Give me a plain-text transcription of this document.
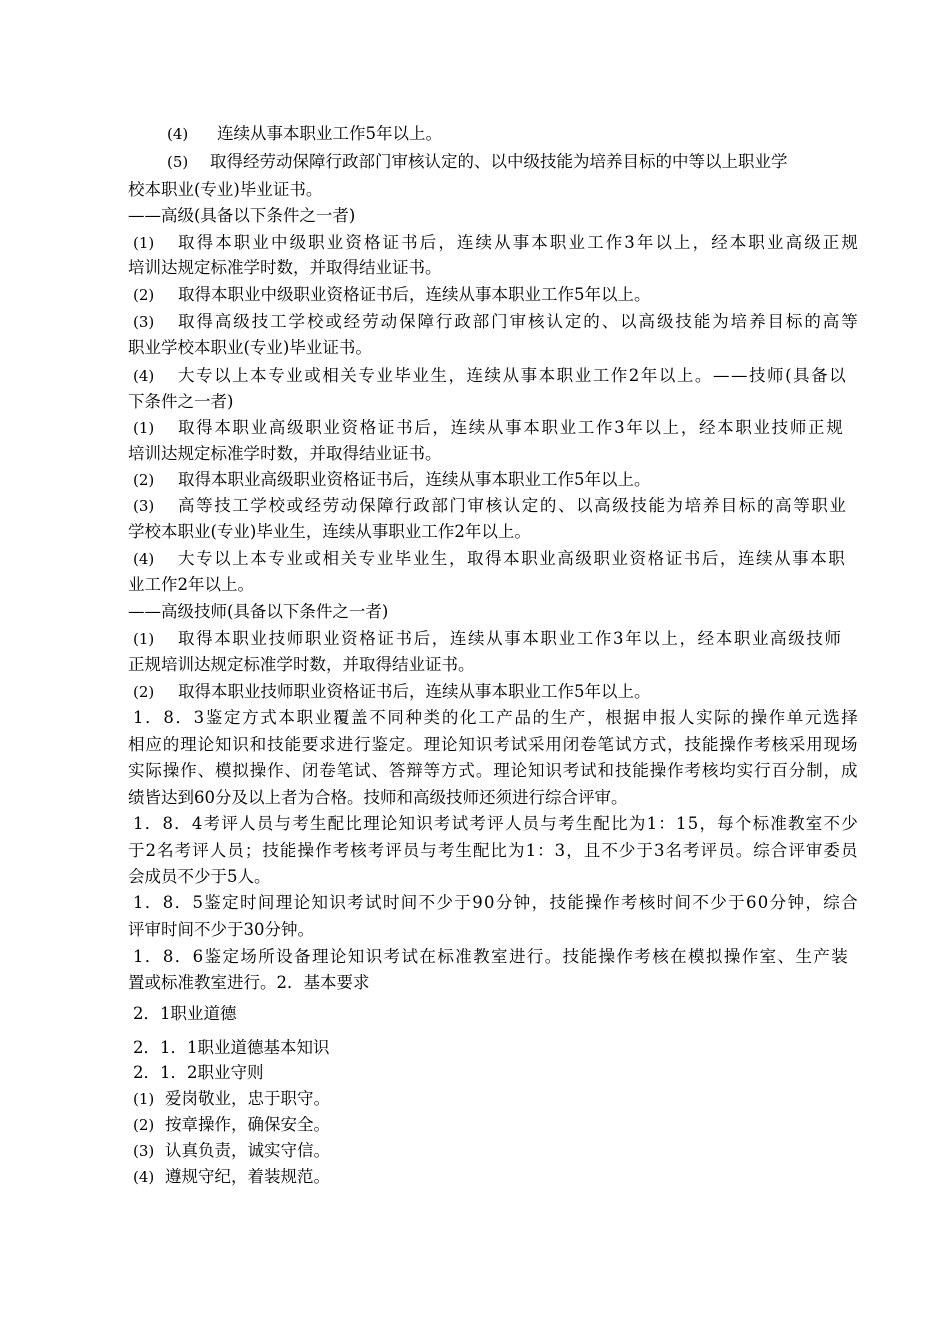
(4) 连续从事本职业工作5年以上。
(5) 取得经劳动保障行政部门审核认定的、以中级技能为培养目标的中等以上职业学
校本职业(专业)毕业证书。
——高级(具备以下条件之一者)
(1)	取 得 本 职 业 中 级 职 业 资 格 证 书 后 ， 连 续 从 事 本 职 业 工 作 3 年 以 上 ， 经 本 职 业 高 级 正 规
培训达规定标准学时数，并取得结业证书。
(2) 取得本职业中级职业资格证书后，连续从事本职业工作5年以上。
(3)	取 得 高 级 技 工 学 校 或 经 劳 动 保 障 行 政 部 门 审 核 认 定 的 、 以 高 级 技 能 为 培 养 目 标 的 高 等
职业学校本职业(专业)毕业证书。
(4)	大 专 以 上 本 专 业 或 相 关 专 业 毕 业 生 ， 连 续 从 事 本 职 业 工 作 2 年 以 上 。 — — 技 师 ( 具 备 以
下条件之一者)
(1)	取 得 本 职 业 高 级 职 业 资 格 证 书 后 ， 连 续 从 事 本 职 业 工 作 3 年 以 上 ， 经 本 职 业 技 师 正 规
培训达规定标准学时数，并取得结业证书。
(2) 取得本职业高级职业资格证书后，连续从事本职业工作5年以上。
(3)	高 等 技 工 学 校 或 经 劳 动 保 障 行 政 部 门 审 核 认 定 的 、 以 高 级 技 能 为 培 养 目 标 的 高 等 职 业
学校本职业(专业)毕业生，连续从事职业工作2年以上。
(4)	大 专 以 上 本 专 业 或 相 关 专 业 毕 业 生 ， 取 得 本 职 业 高 级 职 业 资 格 证 书 后 ， 连 续 从 事 本 职
业工作2年以上。
——高级技师(具备以下条件之一者)
(1)	取 得 本 职 业 技 师 职 业 资 格 证 书 后 ， 连 续 从 事 本 职 业 工 作 3 年 以 上 ， 经 本 职 业 高 级 技 师
正规培训达规定标准学时数，并取得结业证书。
(2) 取得本职业技师职业资格证书后，连续从事本职业工作5年以上。
1 ． 8 ． 3 鉴 定 方 式 本 职 业 覆 盖 不 同 种 类 的 化 工 产 品 的 生 产 ， 根 据 申 报 人 实 际 的 操 作 单 元 选 择
相 应 的 理 论 知 识 和 技 能 要 求 进 行 鉴 定 。 理 论 知 识 考 试 采 用 闭 卷 笔 试 方 式 ， 技 能 操 作 考 核 采 用 现 场
实 际 操 作 、 模 拟 操 作 、 闭 卷 笔 试 、 答 辩 等 方 式 。 理 论 知 识 考 试 和 技 能 操 作 考 核 均 实 行 百 分 制 ， 成
绩皆达到60分及以上者为合格。技师和高级技师还须进行综合评审。
1 ． 8 ． 4 考 评 人 员 与 考 生 配 比 理 论 知 识 考 试 考 评 人 员 与 考 生 配 比 为 1 ： 1 5 ， 每 个 标 准 教 室 不 少
于 2 名 考 评 人 员 ； 技 能 操 作 考 核 考 评 员 与 考 生 配 比 为 1 ： 3 ， 且 不 少 于 3 名 考 评 员 。 综 合 评 审 委 员
会成员不少于5人。
1 ． 8 ． 5 鉴 定 时 间 理 论 知 识 考 试 时 间 不 少 于 9 0 分 钟 ， 技 能 操 作 考 核 时 间 不 少 于 6 0 分 钟 ， 综 合
评审时间不少于30分钟。
1 ． 8 ． 6 鉴 定 场 所 设 备 理 论 知 识 考 试 在 标 准 教 室 进 行 。 技 能 操 作 考 核 在 模 拟 操 作 室 、 生 产 装
置或标准教室进行。2．基本要求
2．1职业道德
2．1．1职业道德基本知识
2．1．2职业守则
(1) 爱岗敬业，忠于职守。
(2) 按章操作，确保安全。
(3) 认真负责，诚实守信。
(4) 遵规守纪，着装规范。
